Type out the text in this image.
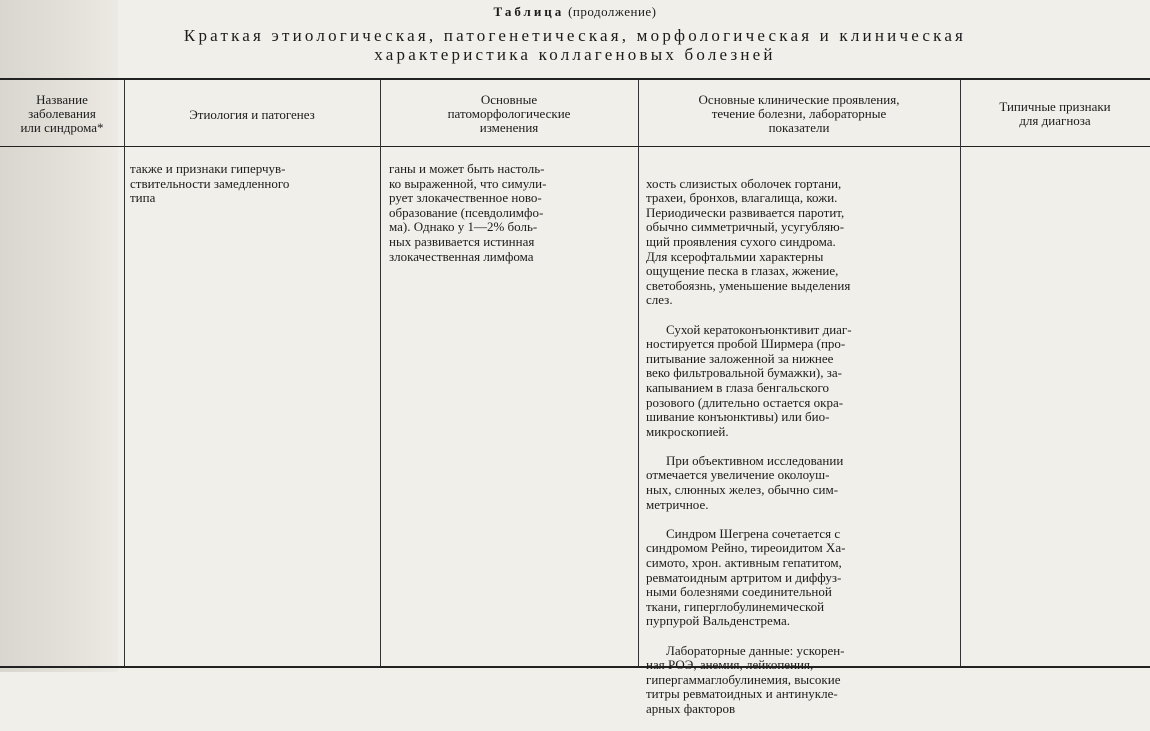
Таблица (продолжение)
Краткая этиологическая, патогенетическая, морфологическая и клиническая
характеристика коллагеновых болезней
Название
заболевания
или синдрома*
Этиология и патогенез
Основные
патоморфологические
изменения
Основные клинические проявления,
течение болезни, лабораторные
показатели
Типичные признаки
для диагноза
также и признаки гиперчув-
ствительности замедленного
типа
ганы и может быть настоль-
ко выраженной, что симули-
рует злокачественное ново-
образование (псевдолимфо-
ма). Однако у 1—2% боль-
ных развивается истинная
злокачественная лимфома

хость слизистых оболочек гортани,
трахеи, бронхов, влагалища, кожи.
Периодически развивается паротит,
обычно симметричный, усугубляю-
щий проявления сухого синдрома.
Для ксерофтальмии характерны
ощущение песка в глазах, жжение,
светобоязнь, уменьшение выделения
слез.

Сухой кератоконъюнктивит диаг-
ностируется пробой Ширмера (про-
питывание заложенной за нижнее
веко фильтровальной бумажки), за-
капыванием в глаза бенгальского
розового (длительно остается окра-
шивание конъюнктивы) или био-
микроскопией.

При объективном исследовании
отмечается увеличение околоуш-
ных, слюнных желез, обычно сим-
метричное.

Синдром Шегрена сочетается с
синдромом Рейно, тиреоидитом Ха-
симото, хрон. активным гепатитом,
ревматоидным артритом и диффуз-
ными болезнями соединительной
ткани, гиперглобулинемической
пурпурой Вальденстрема.

Лабораторные данные: ускорен-
ная РОЭ, анемия, лейкопения,
гипергаммаглобулинемия, высокие
титры ревматоидных и антинукле-
арных факторов
